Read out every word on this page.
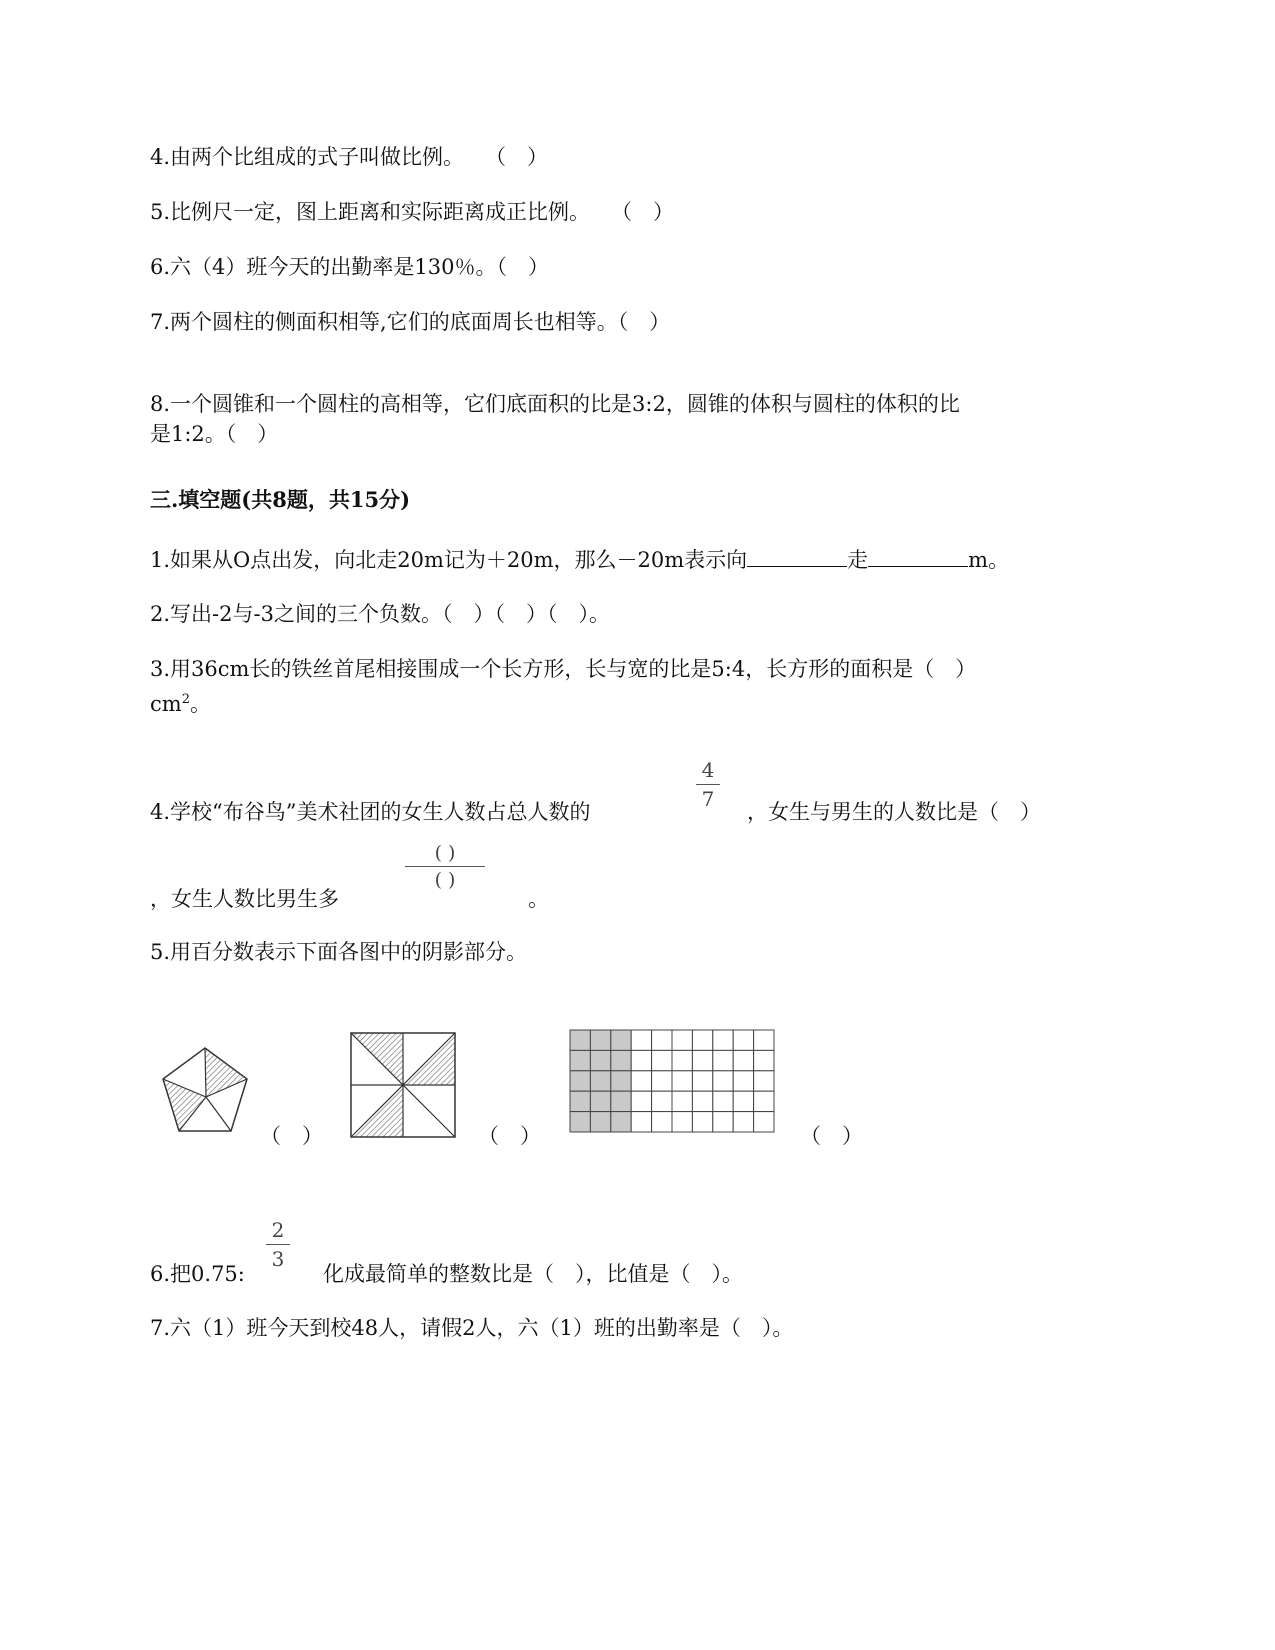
4.由两个比组成的式子叫做比例。　　（　）
5.比例尺一定，图上距离和实际距离成正比例。　　（　）
6.六（4）班今天的出勤率是130％。（　）
7.两个圆柱的侧面积相等,它们的底面周长也相等。（　）
8.一个圆锥和一个圆柱的高相等，它们底面积的比是3:2，圆锥的体积与圆柱的体积的比
是1:2。（　）
三.填空题(共8题，共15分)
1.如果从O点出发，向北走20m记为＋20m，那么－20m表示向	走	m。
2.写出-2与-3之间的三个负数。（　）（　）（　）。
3.用36cm长的铁丝首尾相接围成一个长方形，长与宽的比是5:4，长方形的面积是（　）
$cm^2$。
4.学校“布谷鸟”美术社团的女生人数占总人数的
4
7
，女生与男生的人数比是（　）
( )
( )
，女生人数比男生多	。
5.用百分数表示下面各图中的阴影部分。
（　）	（　）	（　）
6.把0.75:
2
3
化成最简单的整数比是（　），比值是（　）。
7.六（1）班今天到校48人，请假2人，六（1）班的出勤率是（　）。
